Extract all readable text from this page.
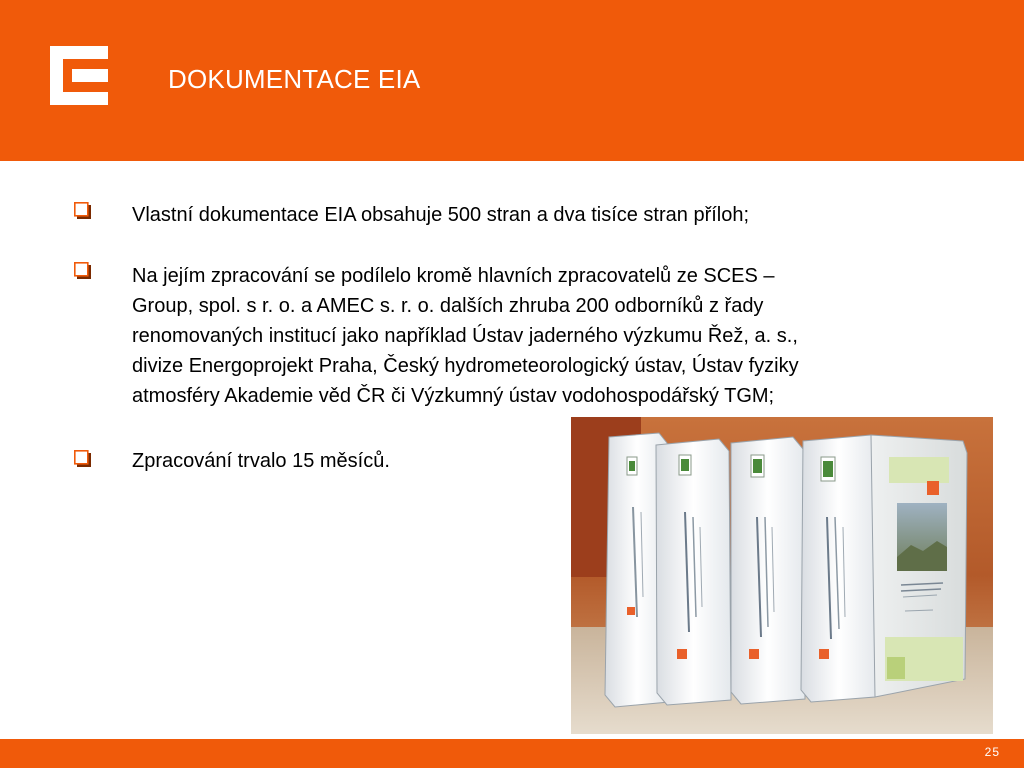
DOKUMENTACE EIA
Vlastní dokumentace EIA obsahuje 500 stran a dva tisíce stran příloh;
Na jejím zpracování se podílelo kromě hlavních zpracovatelů ze SCES –
Group, spol. s r. o. a AMEC s. r. o. dalších zhruba 200 odborníků z řady
renomovaných institucí jako například Ústav jaderného výzkumu Řež, a. s.,
divize Energoprojekt Praha, Český hydrometeorologický ústav, Ústav fyziky
atmosféry Akademie věd ČR či Výzkumný ústav vodohospodářský TGM;
Zpracování trvalo 15 měsíců.
25
